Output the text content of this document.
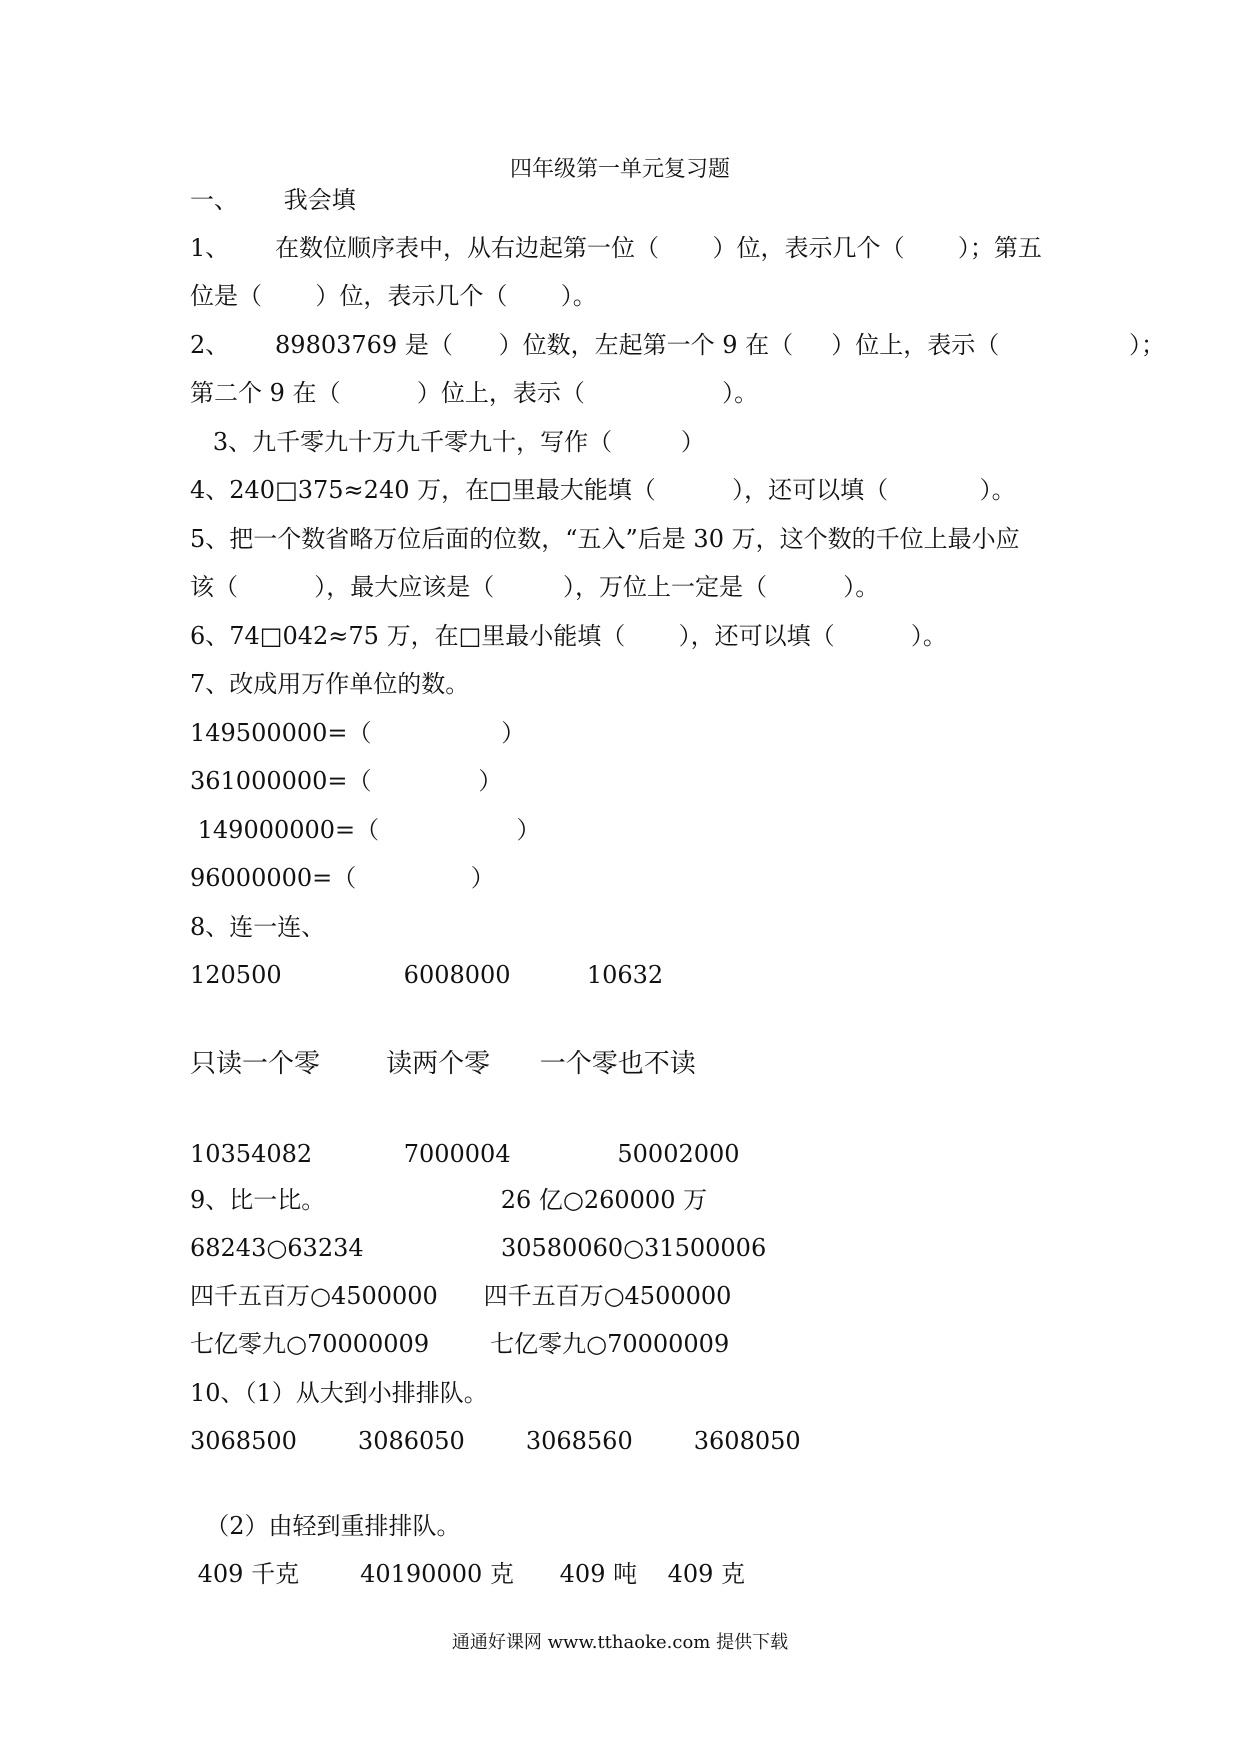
四年级第一单元复习题
一、      我会填
1、      在数位顺序表中，从右边起第一位（       ）位，表示几个（       ）；第五
位是（       ）位，表示几个（       ）。
2、      89803769 是（      ）位数，左起第一个 9 在（     ）位上，表示（                 ）；
第二个 9 在（          ）位上，表示（                  ）。
3、九千零九十万九千零九十，写作（         ）
4、240□375≈240 万，在□里最大能填（          ），还可以填（            ）。
5、把一个数省略万位后面的位数，“五入”后是 30 万，这个数的千位上最小应
该（          ），最大应该是（         ），万位上一定是（          ）。
6、74□042≈75 万，在□里最小能填（       ），还可以填（          ）。
7、改成用万作单位的数。
149500000=（                 ）
361000000=（              ）
149000000=（                  ）
96000000=（               ）
8、连一连、
120500                6008000          10632
只读一个零        读两个零      一个零也不读
10354082            7000004              50002000
9、比一比。                       26 亿○260000 万
68243○63234                  30580060○31500006
四千五百万○4500000      四千五百万○4500000
七亿零九○70000009        七亿零九○70000009
10、（1）从大到小排排队。
3068500        3086050        3068560        3608050
（2）由轻到重排排队。
409 千克        40190000 克      409 吨    409 克
通通好课网 www.tthaoke.com 提供下载
